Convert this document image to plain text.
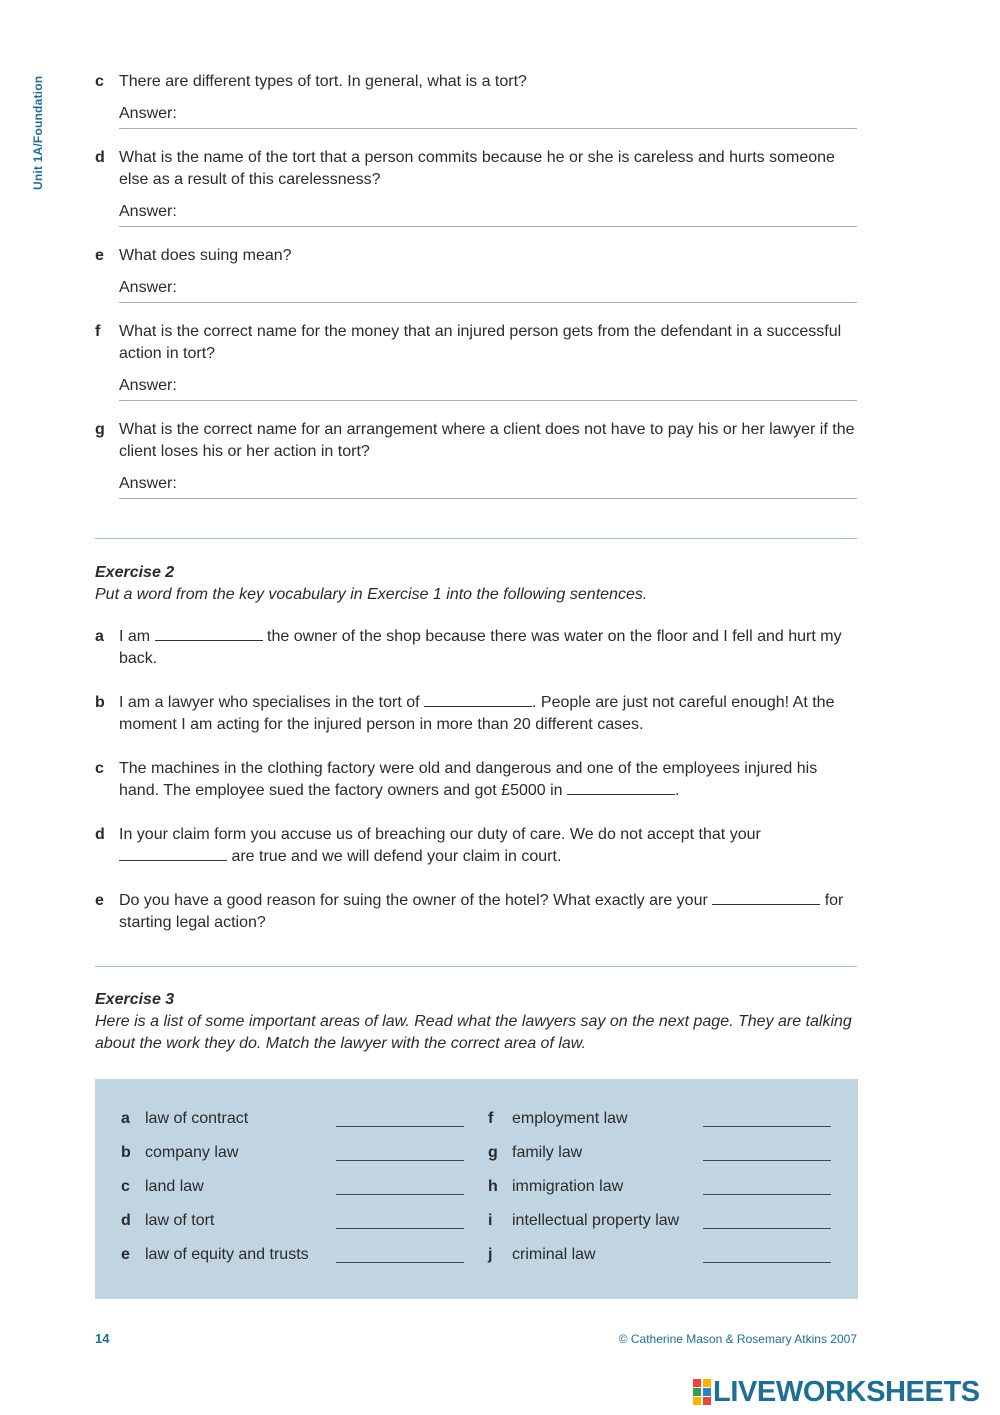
Unit 1A/Foundation	c There are different types of tort. In general, what is a tort?
Answer:
d What is the name of the tort that a person commits because he or she is careless and hurts someone else as a result of this carelessness?
Answer:
e What does suing mean?
Answer:
f What is the correct name for the money that an injured person gets from the defendant in a successful action in tort?
Answer:
g What is the correct name for an arrangement where a client does not have to pay his or her lawyer if the client loses his or her action in tort?
Answer:
Exercise 2
Put a word from the key vocabulary in Exercise 1 into the following sentences.
a I am	the owner of the shop because there was water on the floor and I fell and hurt my back.
b I am a lawyer who specialises in the tort of	. People are just not careful enough! At the moment I am acting for the injured person in more than 20 different cases.
c The machines in the clothing factory were old and dangerous and one of the employees injured his hand. The employee sued the factory owners and got £5000 in	.
d In your claim form you accuse us of breaching our duty of care. We do not accept that your  are true and we will defend your claim in court.
e Do you have a good reason for suing the owner of the hotel? What exactly are your	for starting legal action?
Exercise 3
Here is a list of some important areas of law. Read what the lawyers say on the next page. They are talking about the work they do. Match the lawyer with the correct area of law.
a law of contract
b company law
c land law
d law of tort
e law of equity and trusts
f employment law
g family law
h immigration law
i intellectual property law
j criminal law
14	© Catherine Mason & Rosemary Atkins 2007
LIVEWORKSHEETS
